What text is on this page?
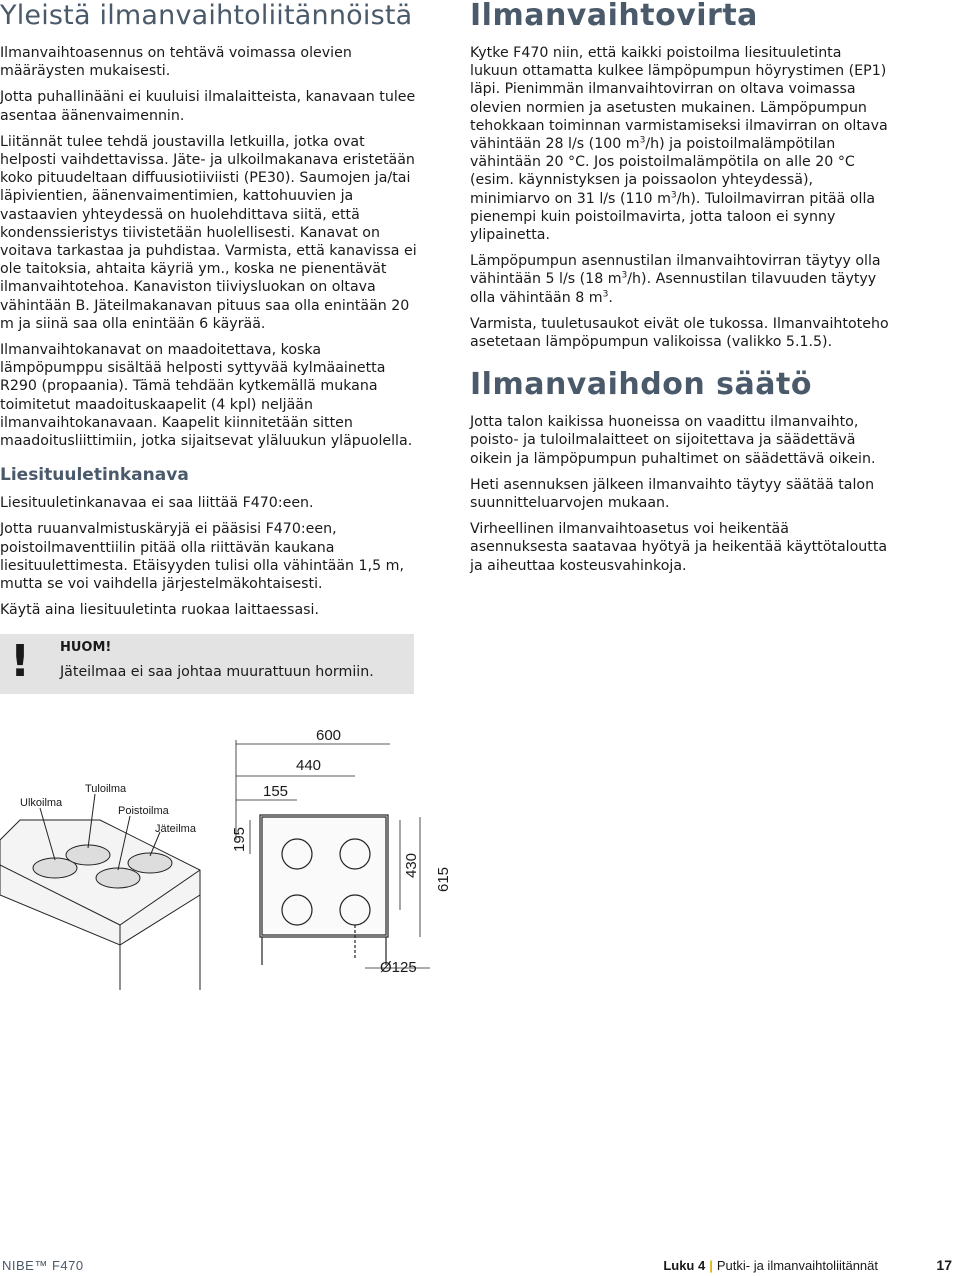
Yleistä ilmanvaihtoliitännöistä

Ilmanvaihtoasennus on tehtävä voimassa olevien määräysten mukaisesti.

Jotta puhallinääni ei kuuluisi ilmalaitteista, kanavaan tulee asentaa äänenvaimennin.

Liitännät tulee tehdä joustavilla letkuilla, jotka ovat helposti vaihdettavissa. Jäte- ja ulkoilmakanava eristetään koko pituudeltaan diffuusiotiiviisti (PE30). Saumojen ja/tai läpivientien, äänenvaimentimien, kattohuuvien ja vastaavien yhteydessä on huolehdittava siitä, että kondenssieristys tiivistetään huolellisesti. Kanavat on voitava tarkastaa ja puhdistaa. Varmista, että kanavissa ei ole taitoksia, ahtaita käyriä ym., koska ne pienentävät ilmanvaihtotehoa. Kanaviston tiiviysluokan on oltava vähintään B. Jäteilmakanavan pituus saa olla enintään 20 m ja siinä saa olla enintään 6 käyrää.

Ilmanvaihtokanavat on maadoitettava, koska lämpöpumppu sisältää helposti syttyvää kylmäainetta R290 (propaania). Tämä tehdään kytkemällä mukana toimitetut maadoituskaapelit (4 kpl) neljään ilmanvaihtokanavaan. Kaapelit kiinnitetään sitten maadoitusliittimiin, jotka sijaitsevat yläluukun yläpuolella.

Liesituuletinkanava

Liesituuletinkanavaa ei saa liittää F470:een.

Jotta ruuanvalmistuskäryjä ei pääsisi F470:een, poistoilmaventtiilin pitää olla riittävän kaukana liesituulettimesta. Etäisyyden tulisi olla vähintään 1,5 m, mutta se voi vaihdella järjestelmäkohtaisesti.

Käytä aina liesituuletinta ruokaa laittaessasi.

! HUOM!
Jäteilmaa ei saa johtaa muurattuun hormiin.
Ilmanvaihtovirta

Kytke F470 niin, että kaikki poistoilma liesituuletinta lukuun ottamatta kulkee lämpöpumpun höyrystimen (EP1) läpi. Pienimmän ilmanvaihtovirran on oltava voimassa olevien normien ja asetusten mukainen. Lämpöpumpun tehokkaan toiminnan varmistamiseksi ilmavirran on oltava vähintään 28 l/s (100 $m^3/h$) ja poistoilmalämpötilan vähintään 20 °C. Jos poistoilmalämpötila on alle 20 °C (esim. käynnistyksen ja poissaolon yhteydessä), minimiarvo on 31 l/s (110 $m^3/h$). Tuloilmavirran pitää olla pienempi kuin poistoilmavirta, jotta taloon ei synny ylipainetta.

Lämpöpumpun asennustilan ilmanvaihtovirran täytyy olla vähintään 5 l/s (18 $m^3/h$). Asennustilan tilavuuden täytyy olla vähintään 8 $m^3$.

Varmista, tuuletusaukot eivät ole tukossa. Ilmanvaihtoteho asetetaan lämpöpumpun valikoissa (valikko 5.1.5).

Ilmanvaihdon säätö

Jotta talon kaikissa huoneissa on vaadittu ilmanvaihto, poisto- ja tuloilmalaitteet on sijoitettava ja säädettävä oikein ja lämpöpumpun puhaltimet on säädettävä oikein.

Heti asennuksen jälkeen ilmanvaihto täytyy säätää talon suunnitteluarvojen mukaan.

Virheellinen ilmanvaihtoasetus voi heikentää asennuksesta saatavaa hyötyä ja heikentää käyttötaloutta ja aiheuttaa kosteusvahinkoja.

Ulkoilma
Tuloilma
Poistoilma
Jäteilma
600
440
155
195
430
615
Ø125
NIBE™ F470	Luku 4 | Putki- ja ilmanvaihtoliitännät	17
